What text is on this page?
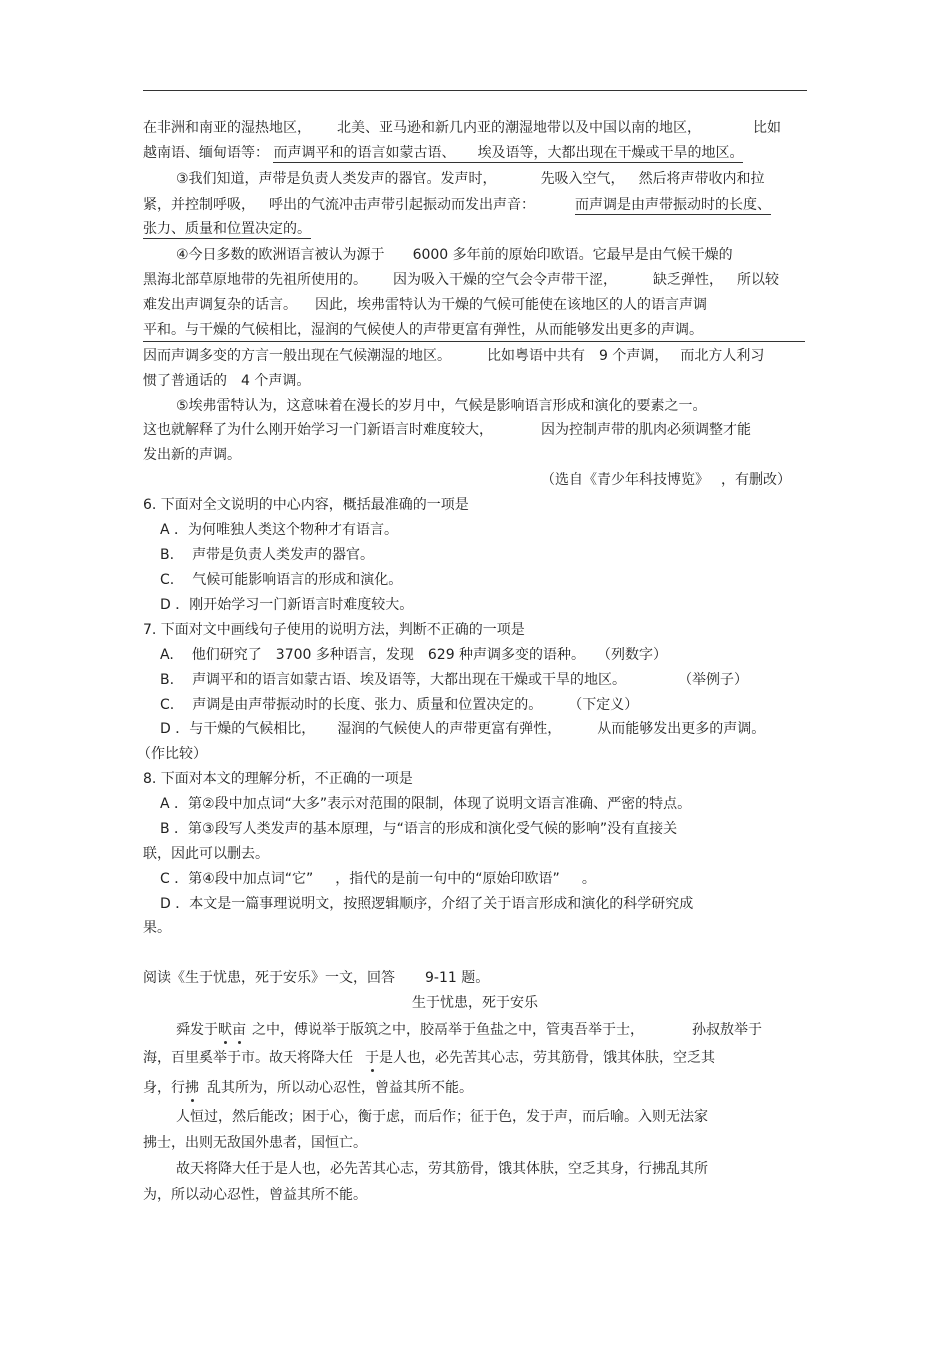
在非洲和南亚的湿热地区， 北美、亚马逊和新几内亚的潮湿地带以及中国以南的地区，	比如
越南语、缅甸语等： 而声调平和的语言如蒙古语、 埃及语等，大都出现在干燥或干旱的地区。
③我们知道，声带是负责人类发声的器官。发声时，	先吸入空气， 然后将声带收内和拉
紧，并控制呼吸， 呼出的气流冲击声带引起振动而发出声音：	而声调是由声带振动时的长度、
张力、质量和位置决定的。
④今日多数的欧洲语言被认为源于 6000 多年前的原始印欧语。它最早是由气候干燥的
黑海北部草原地带的先祖所使用的。 因为吸入干燥的空气会令声带干涩，	缺乏弹性， 所以较
难发出声调复杂的话言。 因此，埃弗雷特认为干燥的气候可能使在该地区的人的语言声调
平和。与干燥的气候相比，湿润的气候使人的声带更富有弹性，从而能够发出更多的声调。
因而声调多变的方言一般出现在气候潮湿的地区。	比如粤语中共有 9 个声调， 而北方人利习
惯了普通话的 4 个声调。
⑤埃弗雷特认为，这意味着在漫长的岁月中，气候是影响语言形成和演化的要素之一。
这也就解释了为什么刚开始学习一门新语言时难度较大，	因为控制声带的肌肉必须调整才能
发出新的声调。
（选自《青少年科技博览》 ，有删改）
6. 下面对全文说明的中心内容，概括最准确的一项是
A ．为何唯独人类这个物种才有语言。
B. 声带是负责人类发声的器官。
C. 气候可能影响语言的形成和演化。
D ．刚开始学习一门新语言时难度较大。
7. 下面对文中画线句子使用的说明方法，判断不正确的一项是
A. 他们研究了 3700 多种语言，发现 629 种声调多变的语种。 （列数字）
B. 声调平和的语言如蒙古语、埃及语等，大都出现在干燥或干旱的地区。	（举例子）
C. 声调是由声带振动时的长度、张力、质量和位置决定的。 （下定义）
D ．与干燥的气候相比， 湿润的气候使人的声带更富有弹性，	从而能够发出更多的声调。
（作比较）
8. 下面对本文的理解分析，不正确的一项是
A ．第②段中加点词“大多”表示对范围的限制，体现了说明文语言准确、严密的特点。
B ．第③段写人类发声的基本原理，与“语言的形成和演化受气候的影响”没有直接关
联，因此可以删去。
C ．第④段中加点词“它” ，指代的是前一句中的“原始印欧语” 。
D ．本文是一篇事理说明文，按照逻辑顺序，介绍了关于语言形成和演化的科学研究成
果。
阅读《生于忧患，死于安乐》一文，回答 9-11 题。
生于忧患，死于安乐
舜发于畎亩 之中，傅说举于版筑之中，胶鬲举于鱼盐之中，管夷吾举于士，	孙叔敖举于
海，百里奚举于市。故天将降大任 于是人也，必先苦其心志，劳其筋骨，饿其体肤，空乏其
身，行拂 乱其所为，所以动心忍性，曾益其所不能。
人恒过，然后能改；困于心，衡于虑，而后作；征于色，发于声，而后喻。入则无法家
拂士，出则无敌国外患者，国恒亡。
故天将降大任于是人也，必先苦其心志，劳其筋骨，饿其体肤，空乏其身，行拂乱其所
为，所以动心忍性，曾益其所不能。
